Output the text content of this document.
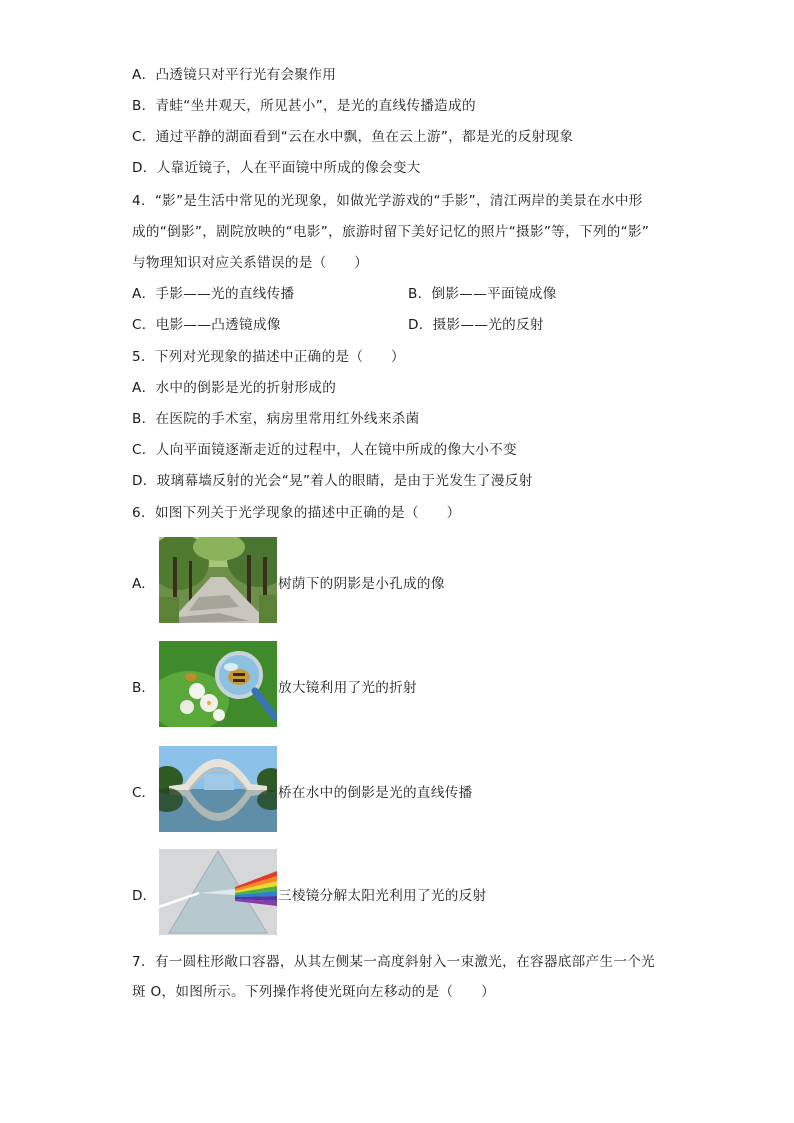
A．凸透镜只对平行光有会聚作用
B．青蛙“坐井观天，所见甚小”，是光的直线传播造成的
C．通过平静的湖面看到“云在水中飘，鱼在云上游”，都是光的反射现象
D．人靠近镜子，人在平面镜中所成的像会变大
4．“影”是生活中常见的光现象，如做光学游戏的“手影”，清江两岸的美景在水中形
成的“倒影”，剧院放映的“电影”，旅游时留下美好记忆的照片“摄影”等，下列的“影”
与物理知识对应关系错误的是（　　）
A．手影——光的直线传播	B．倒影——平面镜成像
C．电影——凸透镜成像	D．摄影——光的反射
5．下列对光现象的描述中正确的是（　　）
A．水中的倒影是光的折射形成的
B．在医院的手术室，病房里常用红外线来杀菌
C．人向平面镜逐渐走近的过程中，人在镜中所成的像大小不变
D．玻璃幕墙反射的光会“晃”着人的眼睛，是由于光发生了漫反射
6．如图下列关于光学现象的描述中正确的是（　　）
A．	树荫下的阴影是小孔成的像
B．	放大镜利用了光的折射
C．	桥在水中的倒影是光的直线传播
D．	三棱镜分解太阳光利用了光的反射
7．有一圆柱形敞口容器，从其左侧某一高度斜射入一束激光，在容器底部产生一个光
斑 O，如图所示。下列操作将使光斑向左移动的是（　　）
